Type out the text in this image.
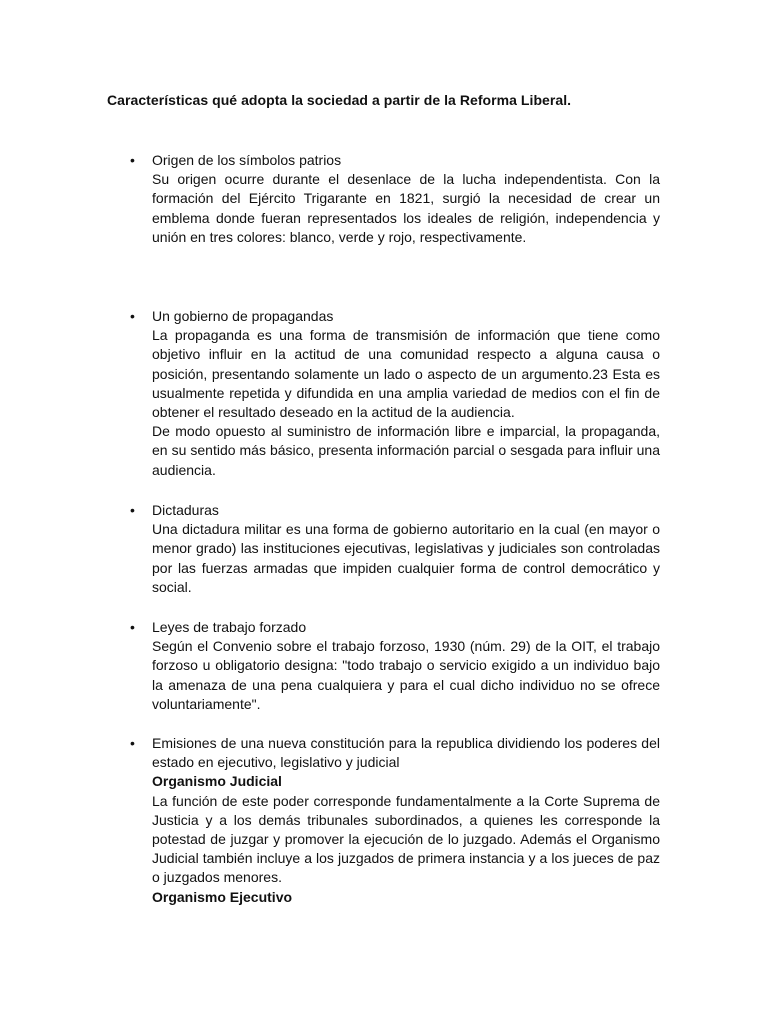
Características qué adopta la sociedad a partir de la Reforma Liberal.
• Origen de los símbolos patrios
Su origen ocurre durante el desenlace de la lucha independentista. Con la formación del Ejército Trigarante en 1821, surgió la necesidad de crear un emblema donde fueran representados los ideales de religión, independencia y unión en tres colores: blanco, verde y rojo, respectivamente.
• Un gobierno de propagandas
La propaganda es una forma de transmisión de información que tiene como objetivo influir en la actitud de una comunidad respecto a alguna causa o posición, presentando solamente un lado o aspecto de un argumento.23 Esta es usualmente repetida y difundida en una amplia variedad de medios con el fin de obtener el resultado deseado en la actitud de la audiencia.
De modo opuesto al suministro de información libre e imparcial, la propaganda, en su sentido más básico, presenta información parcial o sesgada para influir una audiencia.
• Dictaduras
Una dictadura militar es una forma de gobierno autoritario en la cual (en mayor o menor grado) las instituciones ejecutivas, legislativas y judiciales son controladas por las fuerzas armadas que impiden cualquier forma de control democrático y social.
• Leyes de trabajo forzado
Según el Convenio sobre el trabajo forzoso, 1930 (núm. 29) de la OIT, el trabajo forzoso u obligatorio designa: "todo trabajo o servicio exigido a un individuo bajo la amenaza de una pena cualquiera y para el cual dicho individuo no se ofrece voluntariamente".
• Emisiones de una nueva constitución para la republica dividiendo los poderes del estado en ejecutivo, legislativo y judicial
Organismo Judicial
La función de este poder corresponde fundamentalmente a la Corte Suprema de Justicia y a los demás tribunales subordinados, a quienes les corresponde la potestad de juzgar y promover la ejecución de lo juzgado. Además el Organismo Judicial también incluye a los juzgados de primera instancia y a los jueces de paz o juzgados menores.
Organismo Ejecutivo
